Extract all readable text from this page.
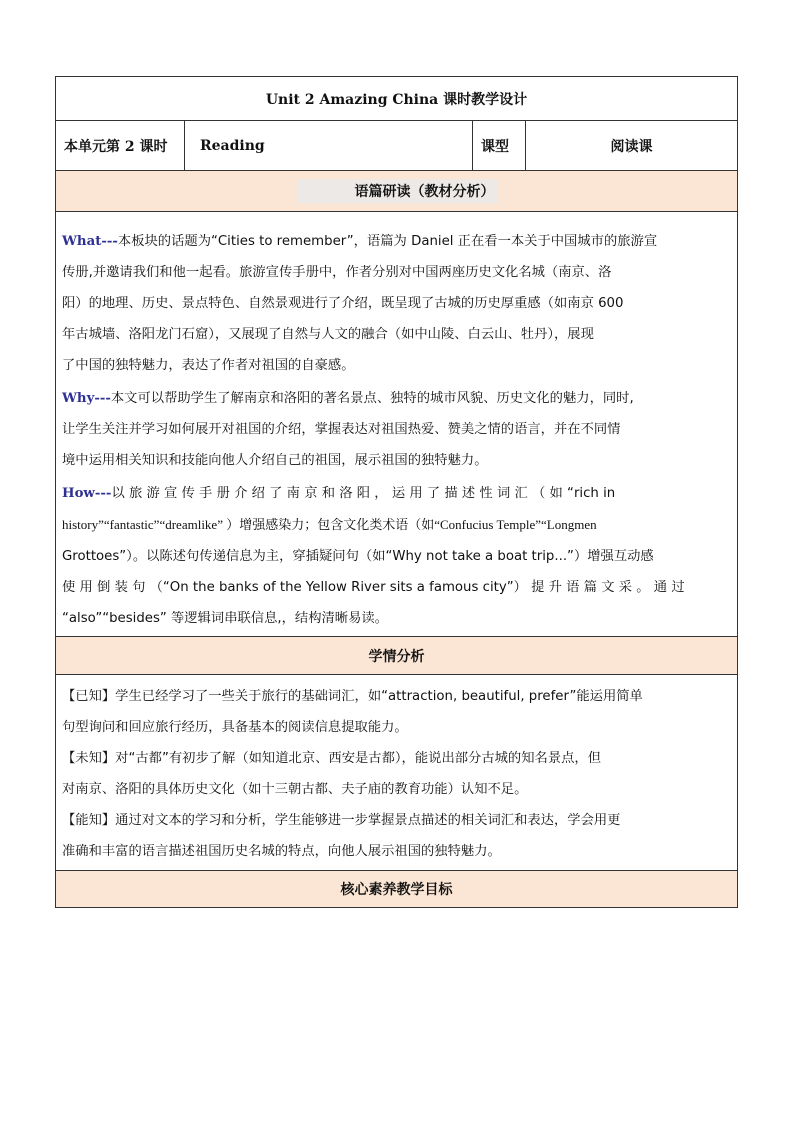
Unit 2 Amazing China 课时教学设计
本单元第 2 课时	Reading	课型	阅读课
语篇研读（教材分析）

What---本板块的话题为“Cities to remember”，语篇为 Daniel 正在看一本关于中国城市的旅游宣
传册,并邀请我们和他一起看。旅游宣传手册中，作者分别对中国两座历史文化名城（南京、洛
阳）的地理、历史、景点特色、自然景观进行了介绍，既呈现了古城的历史厚重感（如南京 600
年古城墙、洛阳龙门石窟），又展现了自然与人文的融合（如中山陵、白云山、牡丹），展现
了中国的独特魅力，表达了作者对祖国的自豪感。

Why---本文可以帮助学生了解南京和洛阳的著名景点、独特的城市风貌、历史文化的魅力，同时,
让学生关注并学习如何展开对祖国的介绍，掌握表达对祖国热爱、赞美之情的语言，并在不同情
境中运用相关知识和技能向他人介绍自己的祖国，展示祖国的独特魅力。

How---以 旅 游 宣 传 手 册 介 绍 了 南 京 和 洛 阳 ， 运 用 了 描 述 性 词 汇 （ 如 “rich in
history”“fantastic”“dreamlike” ）增强感染力；包含文化类术语（如“Confucius Temple”“Longmen
Grottoes”）。以陈述句传递信息为主，穿插疑问句（如“Why not take a boat trip...”）增强互动感
使 用 倒 装 句 （“On the banks of the Yellow River sits a famous city”） 提 升 语 篇 文 采 。 通 过
“also”“besides” 等逻辑词串联信息,，结构清晰易读。

学情分析

【已知】学生已经学习了一些关于旅行的基础词汇，如“attraction, beautiful, prefer”能运用简单
句型询问和回应旅行经历，具备基本的阅读信息提取能力。

【未知】对“古都”有初步了解（如知道北京、西安是古都），能说出部分古城的知名景点，但
对南京、洛阳的具体历史文化（如十三朝古都、夫子庙的教育功能）认知不足。

【能知】通过对文本的学习和分析，学生能够进一步掌握景点描述的相关词汇和表达，学会用更
准确和丰富的语言描述祖国历史名城的特点，向他人展示祖国的独特魅力。

核心素养教学目标
